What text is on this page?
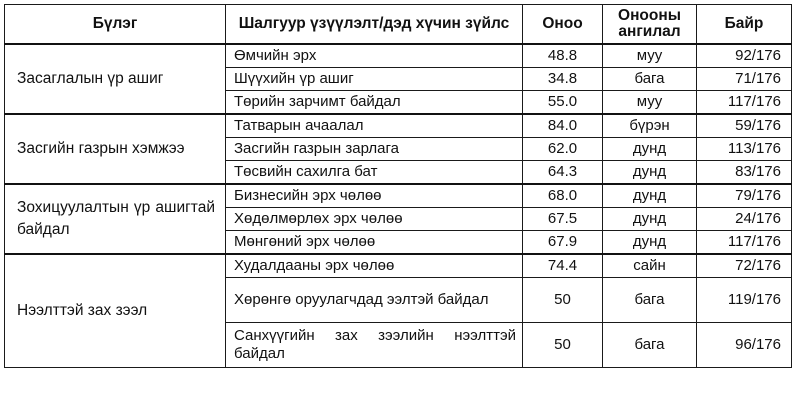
Бүлэг	Шалгуур үзүүлэлт/дэд хүчин зүйлс	Оноо	Онооны ангилал	Байр
Засаглалын үр ашиг	Өмчийн эрх	48.8	муу	92/176
	Шүүхийн үр ашиг	34.8	бага	71/176
	Төрийн зарчимт байдал	55.0	муу	117/176
Засгийн газрын хэмжээ	Татварын ачаалал	84.0	бүрэн	59/176
	Засгийн газрын зарлага	62.0	дунд	113/176
	Төсвийн сахилга бат	64.3	дунд	83/176
Зохицуулалтын үр ашигтай байдал	Бизнесийн эрх чөлөө	68.0	дунд	79/176
	Хөдөлмөрлөх эрх чөлөө	67.5	дунд	24/176
	Мөнгөний эрх чөлөө	67.9	дунд	117/176
Нээлттэй зах зээл	Худалдааны эрх чөлөө	74.4	сайн	72/176
	Хөрөнгө оруулагчдад ээлтэй байдал	50	бага	119/176
	Санхүүгийн зах зээлийн нээлттэй байдал	50	бага	96/176
